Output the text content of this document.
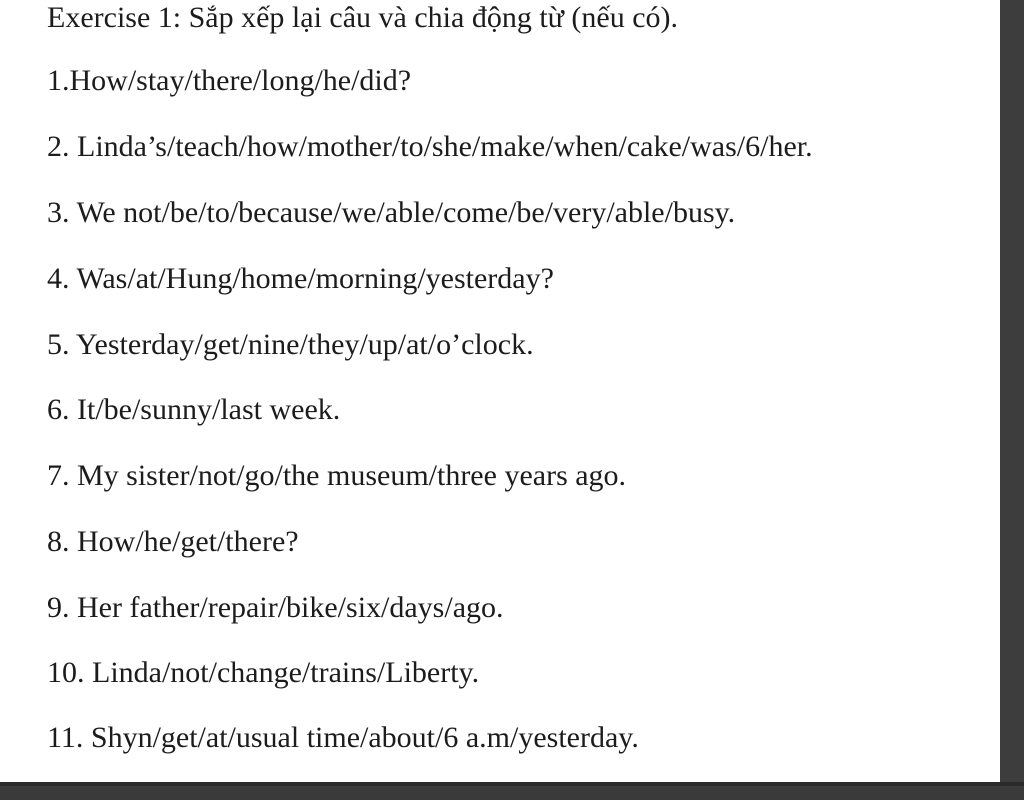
Exercise 1: Sắp xếp lại câu và chia động từ (nếu có).

1.How/stay/there/long/he/did?

2. Linda’s/teach/how/mother/to/she/make/when/cake/was/6/her.

3. We not/be/to/because/we/able/come/be/very/able/busy.

4. Was/at/Hung/home/morning/yesterday?

5. Yesterday/get/nine/they/up/at/o’clock.

6. It/be/sunny/last week.

7. My sister/not/go/the museum/three years ago.

8. How/he/get/there?

9. Her father/repair/bike/six/days/ago.

10. Linda/not/change/trains/Liberty.

11. Shyn/get/at/usual time/about/6 a.m/yesterday.
